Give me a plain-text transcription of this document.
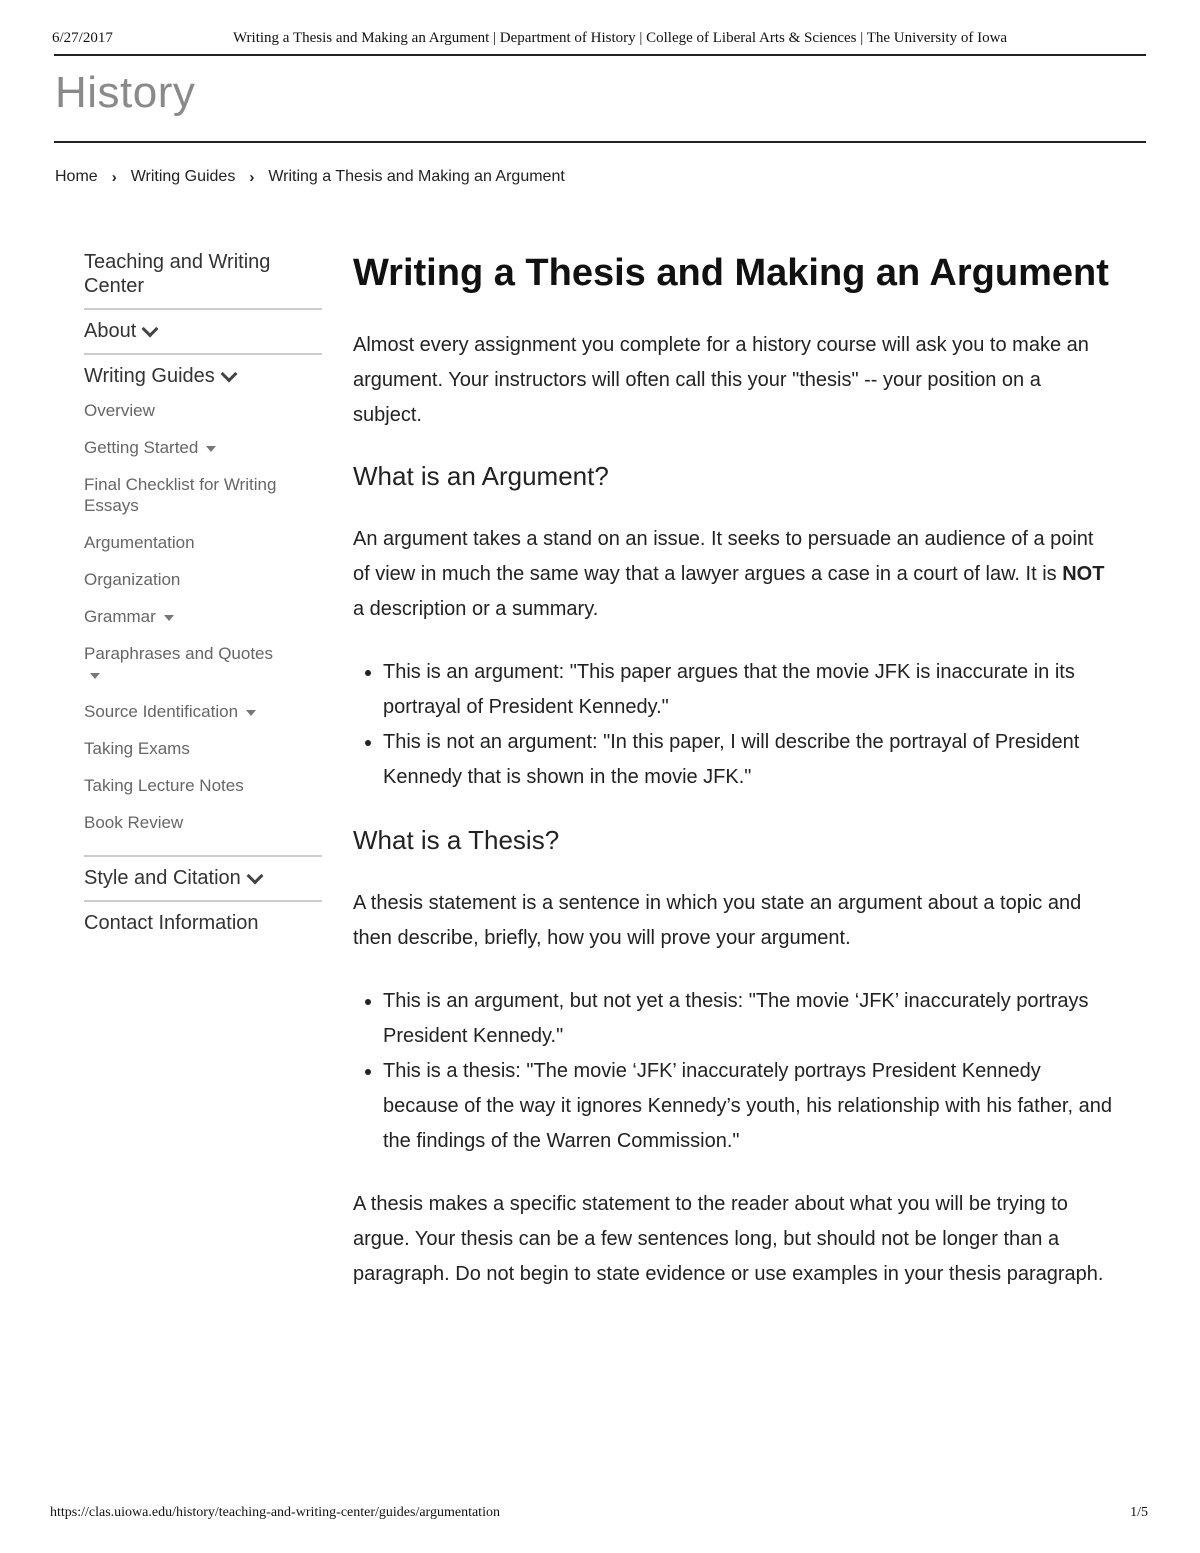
6/27/2017	Writing a Thesis and Making an Argument | Department of History | College of Liberal Arts & Sciences | The University of Iowa
History
Home › Writing Guides › Writing a Thesis and Making an Argument
Teaching and Writing Center
About
Writing Guides
Overview
Getting Started
Final Checklist for Writing Essays
Argumentation
Organization
Grammar
Paraphrases and Quotes

Source Identification
Taking Exams
Taking Lecture Notes
Book Review
Style and Citation
Contact Information
Writing a Thesis and Making an Argument

Almost every assignment you complete for a history course will ask you to make an argument. Your instructors will often call this your "thesis" -- your position on a subject.

What is an Argument?

An argument takes a stand on an issue. It seeks to persuade an audience of a point of view in much the same way that a lawyer argues a case in a court of law. It is NOT a description or a summary.

• This is an argument: "This paper argues that the movie JFK is inaccurate in its portrayal of President Kennedy."
• This is not an argument: "In this paper, I will describe the portrayal of President Kennedy that is shown in the movie JFK."
What is a Thesis?

A thesis statement is a sentence in which you state an argument about a topic and then describe, briefly, how you will prove your argument.

• This is an argument, but not yet a thesis: "The movie ‘JFK’ inaccurately portrays President Kennedy."
• This is a thesis: "The movie ‘JFK’ inaccurately portrays President Kennedy because of the way it ignores Kennedy’s youth, his relationship with his father, and the findings of the Warren Commission."

A thesis makes a specific statement to the reader about what you will be trying to argue. Your thesis can be a few sentences long, but should not be longer than a paragraph. Do not begin to state evidence or use examples in your thesis paragraph.

https://clas.uiowa.edu/history/teaching-and-writing-center/guides/argumentation	1/5
